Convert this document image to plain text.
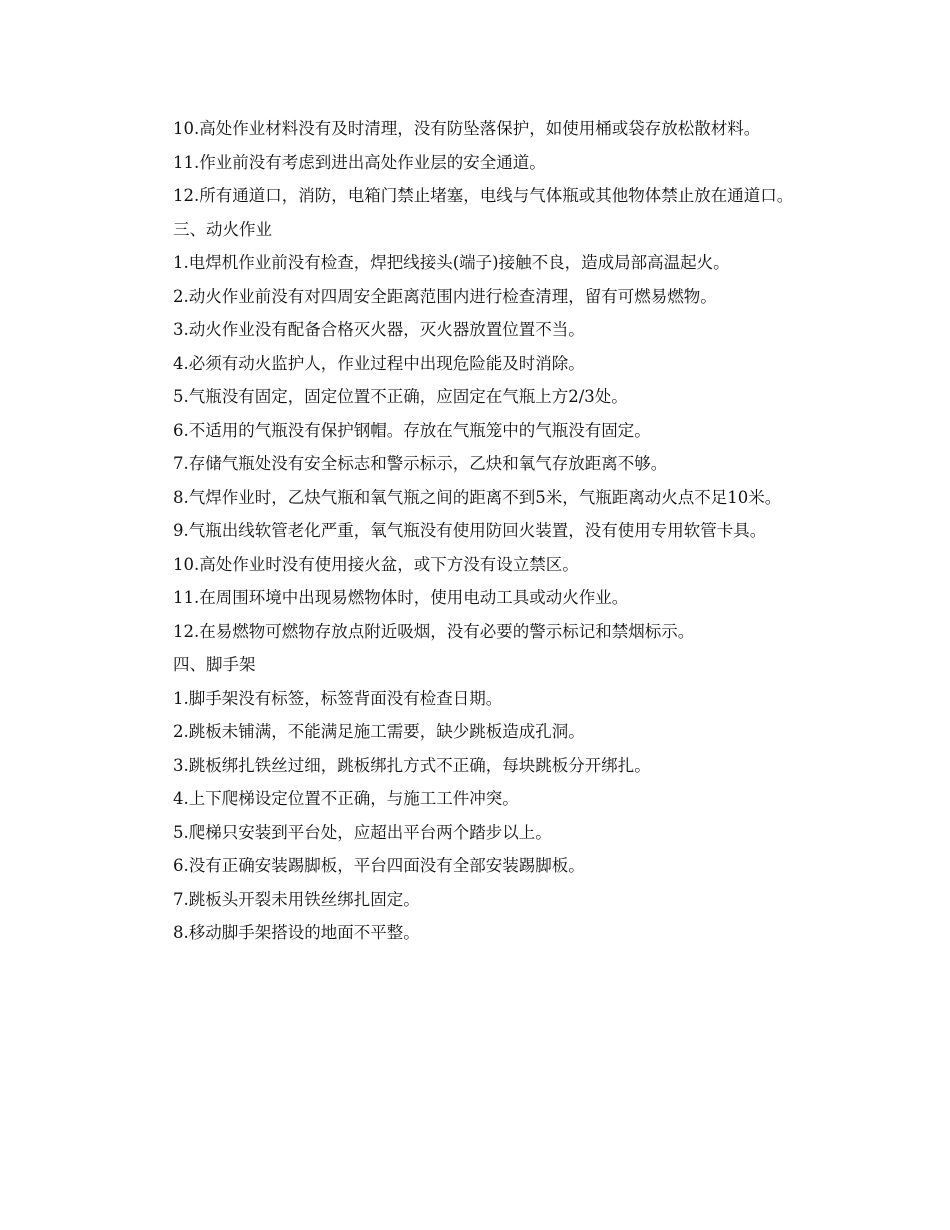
10.高处作业材料没有及时清理，没有防坠落保护，如使用桶或袋存放松散材料。

11.作业前没有考虑到进出高处作业层的安全通道。

12.所有通道口，消防，电箱门禁止堵塞，电线与气体瓶或其他物体禁止放在通道口。

三、动火作业

1.电焊机作业前没有检查，焊把线接头(端子)接触不良，造成局部高温起火。

2.动火作业前没有对四周安全距离范围内进行检查清理，留有可燃易燃物。

3.动火作业没有配备合格灭火器，灭火器放置位置不当。

4.必须有动火监护人，作业过程中出现危险能及时消除。

5.气瓶没有固定，固定位置不正确，应固定在气瓶上方2/3处。

6.不适用的气瓶没有保护钢帽。存放在气瓶笼中的气瓶没有固定。

7.存储气瓶处没有安全标志和警示标示，乙炔和氧气存放距离不够。

8.气焊作业时，乙炔气瓶和氧气瓶之间的距离不到5米，气瓶距离动火点不足10米。

9.气瓶出线软管老化严重，氧气瓶没有使用防回火装置，没有使用专用软管卡具。

10.高处作业时没有使用接火盆，或下方没有设立禁区。

11.在周围环境中出现易燃物体时，使用电动工具或动火作业。

12.在易燃物可燃物存放点附近吸烟，没有必要的警示标记和禁烟标示。

四、脚手架

1.脚手架没有标签，标签背面没有检查日期。

2.跳板未铺满，不能满足施工需要，缺少跳板造成孔洞。

3.跳板绑扎铁丝过细，跳板绑扎方式不正确，每块跳板分开绑扎。

4.上下爬梯设定位置不正确，与施工工件冲突。

5.爬梯只安装到平台处，应超出平台两个踏步以上。

6.没有正确安装踢脚板，平台四面没有全部安装踢脚板。

7.跳板头开裂未用铁丝绑扎固定。

8.移动脚手架搭设的地面不平整。
